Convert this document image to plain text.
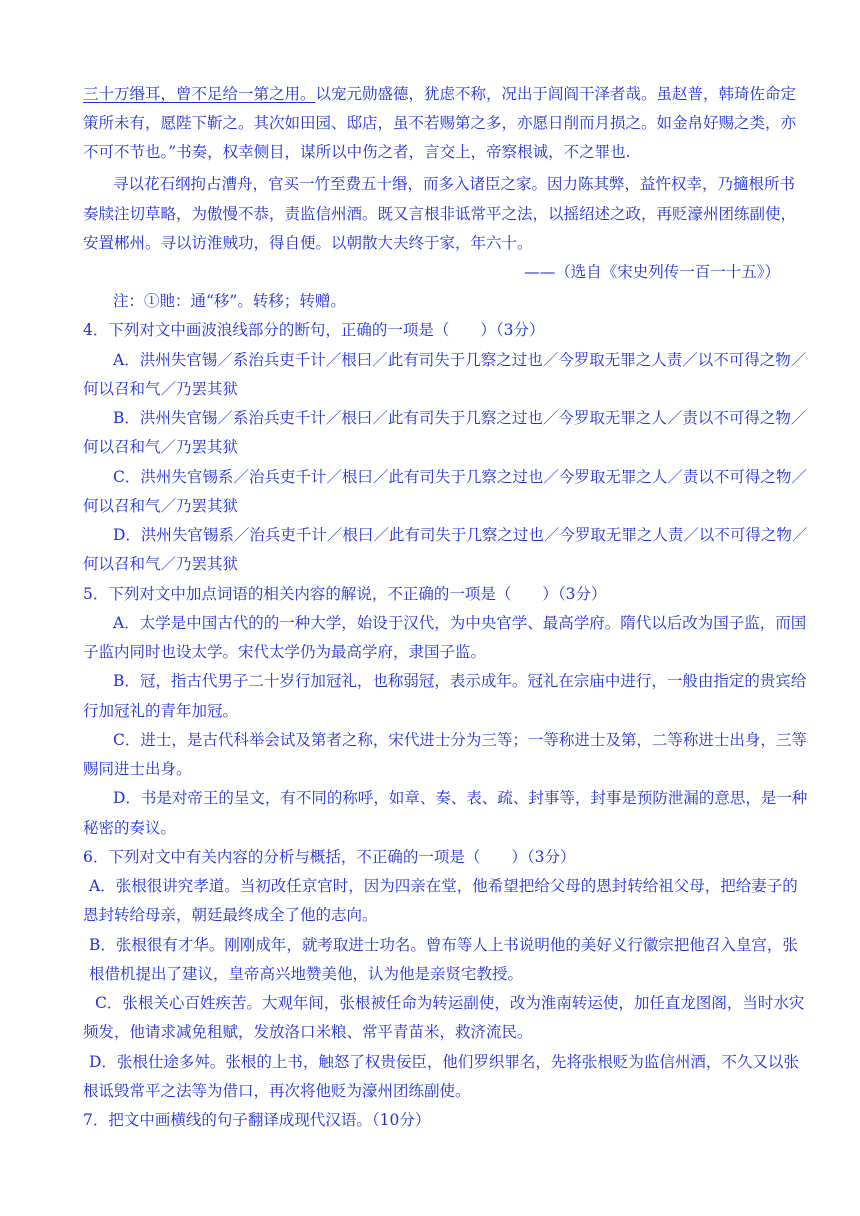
三十万缗耳，曾不足给一第之用。以宠元勋盛德，犹虑不称，况出于闾阎干泽者哉。虽赵普，韩琦佐命定
策所未有，愿陛下靳之。其次如田园、邸店，虽不若赐第之多，亦愿日削而月损之。如金帛好赐之类，亦
不可不节也。”书奏，权幸侧目，谋所以中伤之者，言交上，帝察根诚，不之罪也.
寻以花石纲拘占漕舟，官买一竹至费五十缗，而多入诸臣之家。因力陈其弊，益忤权幸，乃擿根所书
奏牍注切草略，为傲慢不恭，责监信州酒。既又言根非诋常平之法，以摇绍述之政，再贬濠州团练副使，
安置郴州。寻以访淮贼功，得自便。以朝散大夫终于家，年六十。
——（选自《宋史列传一百一十五》）
注：①貤：通“移”。转移；转赠。
4．下列对文中画波浪线部分的断句，正确的一项是（　　）（3分）
A．洪州失官锡／系治兵吏千计／根曰／此有司失于几察之过也／今罗取无罪之人责／以不可得之物／
何以召和气／乃罢其狱
B．洪州失官锡／系治兵吏千计／根曰／此有司失于几察之过也／今罗取无罪之人／责以不可得之物／
何以召和气／乃罢其狱
C．洪州失官锡系／治兵吏千计／根曰／此有司失于几察之过也／今罗取无罪之人／责以不可得之物／
何以召和气／乃罢其狱
D．洪州失官锡系／治兵吏千计／根曰／此有司失于几察之过也／今罗取无罪之人责／以不可得之物／
何以召和气／乃罢其狱
5．下列对文中加点词语的相关内容的解说，不正确的一项是（　　）（3分）
A．太学是中国古代的的一种大学，始设于汉代，为中央官学、最高学府。隋代以后改为国子监，而国
子监内同时也设太学。宋代太学仍为最高学府，隶国子监。
B．冠，指古代男子二十岁行加冠礼，也称弱冠，表示成年。冠礼在宗庙中进行，一般由指定的贵宾给
行加冠礼的青年加冠。
C．进士，是古代科举会试及第者之称，宋代进士分为三等；一等称进士及第，二等称进士出身，三等
赐同进士出身。
D．书是对帝王的呈文，有不同的称呼，如章、奏、表、疏、封事等，封事是预防泄漏的意思，是一种
秘密的奏议。
6．下列对文中有关内容的分析与概括，不正确的一项是（　　）（3分）
A．张根很讲究孝道。当初改任京官时，因为四亲在堂，他希望把给父母的恩封转给祖父母，把给妻子的
恩封转给母亲，朝廷最终成全了他的志向。
B．张根很有才华。刚刚成年，就考取进士功名。曾布等人上书说明他的美好义行徽宗把他召入皇宫，张
根借机提出了建议，皇帝高兴地赞美他，认为他是亲贤宅教授。
C．张根关心百姓疾苦。大观年间，张根被任命为转运副使，改为淮南转运使，加任直龙图阁，当时水灾
频发，他请求减免租赋，发放洛口米粮、常平青苗米，救济流民。
D．张根仕途多舛。张根的上书，触怒了权贵佞臣，他们罗织罪名，先将张根贬为监信州酒，不久又以张
根诋毁常平之法等为借口，再次将他贬为濠州团练副使。
7．把文中画横线的句子翻译成现代汉语。（10分）
